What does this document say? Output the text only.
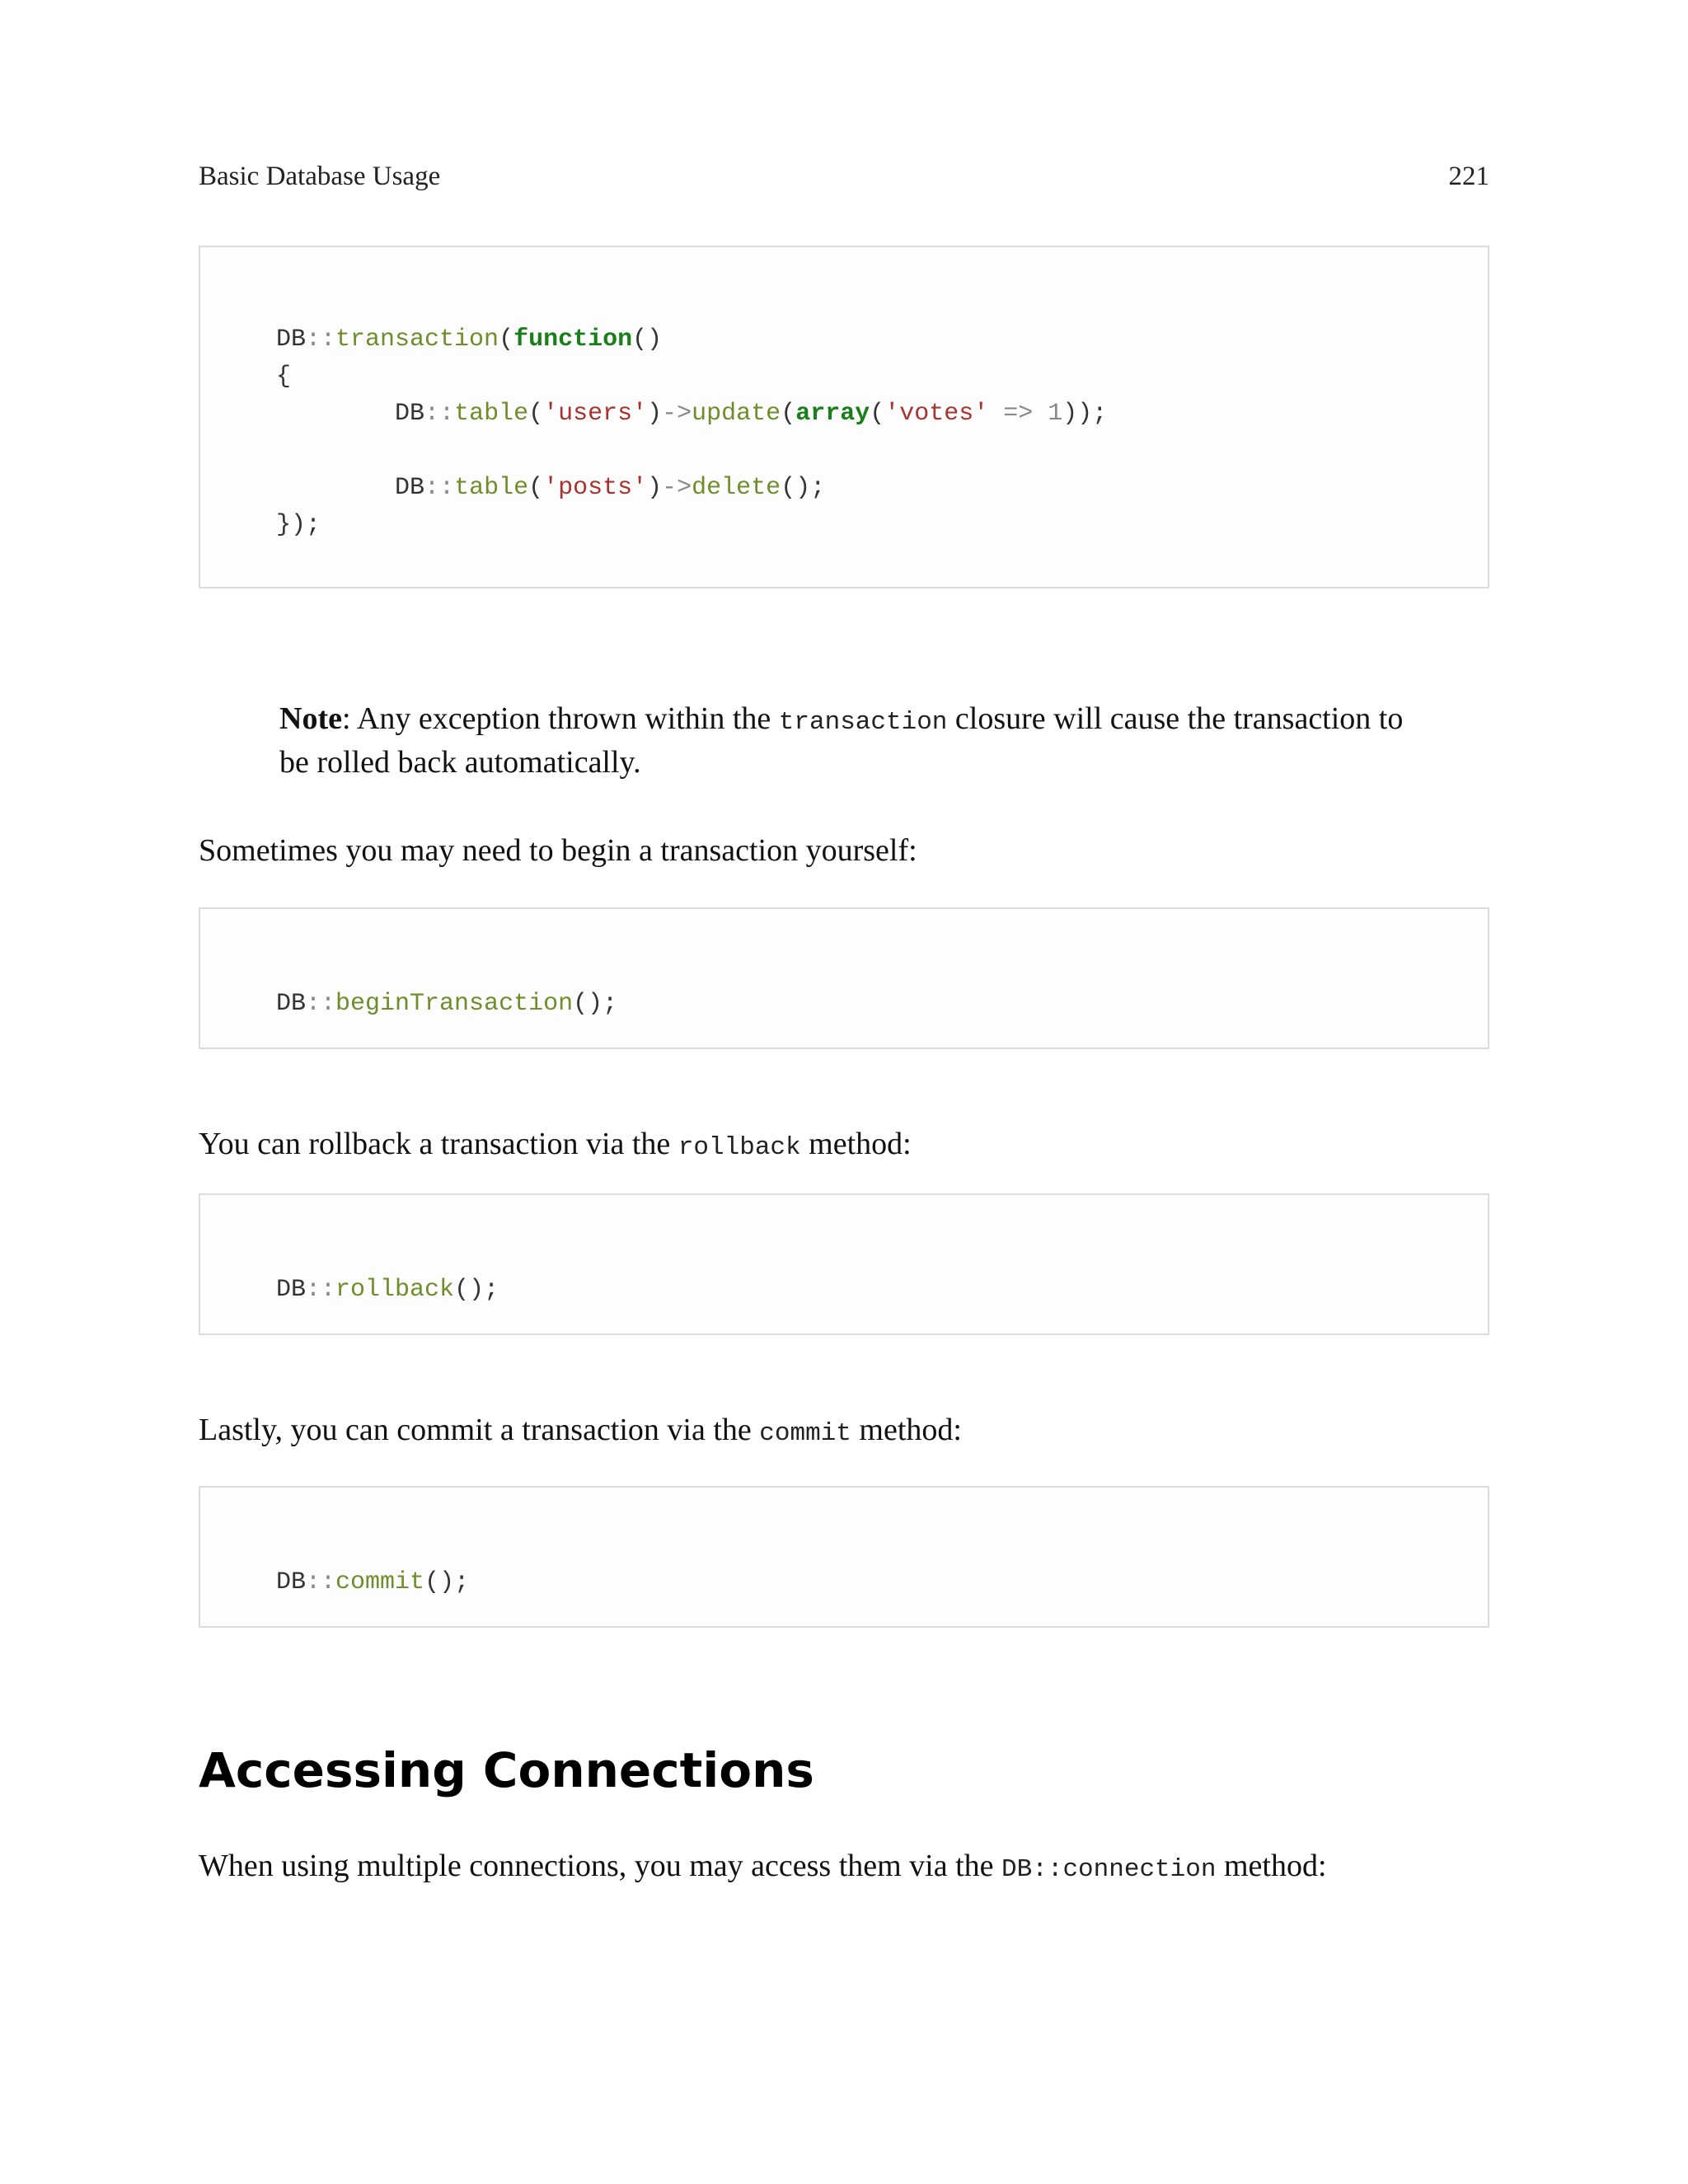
Basic Database Usage	221
DB::transaction(function()
{
DB::table('users')->update(array('votes' => 1));

DB::table('posts')->delete();
});

Note: Any exception thrown within the transaction closure will cause the transaction to be rolled back automatically.

Sometimes you may need to begin a transaction yourself:

DB::beginTransaction();

You can rollback a transaction via the rollback method:

DB::rollback();

Lastly, you can commit a transaction via the commit method:

DB::commit();
Accessing Connections

When using multiple connections, you may access them via the DB::connection method:
